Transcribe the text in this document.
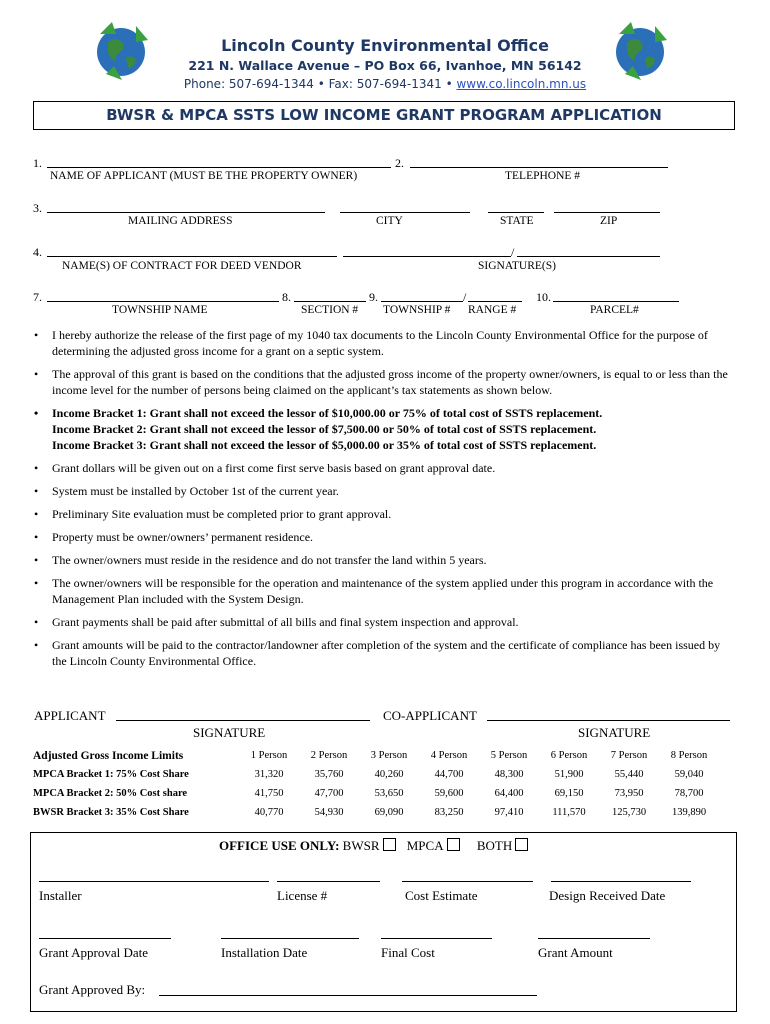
Lincoln County Environmental Office
221 N. Wallace Avenue – PO Box 66, Ivanhoe, MN 56142
Phone: 507-694-1344 • Fax: 507-694-1341 • www.co.lincoln.mn.us
BWSR & MPCA SSTS LOW INCOME GRANT PROGRAM APPLICATION
1.	2.
NAME OF APPLICANT (MUST BE THE PROPERTY OWNER)	TELEPHONE #
3.
MAILING ADDRESS	CITY	STATE	ZIP
4.	/
NAME(S) OF CONTRACT FOR DEED VENDOR	SIGNATURE(S)
7.	8.	9.	/	10.
TOWNSHIP NAME	SECTION # TOWNSHIP # RANGE #	PARCEL#
• I hereby authorize the release of the first page of my 1040 tax documents to the Lincoln County Environmental Office for the purpose of determining the adjusted gross income for a grant on a septic system.
• The approval of this grant is based on the conditions that the adjusted gross income of the property owner/owners, is equal to or less than the income level for the number of persons being claimed on the applicant’s tax statements as shown below.
• Income Bracket 1: Grant shall not exceed the lessor of $10,000.00 or 75% of total cost of SSTS replacement.
Income Bracket 2: Grant shall not exceed the lessor of $7,500.00 or 50% of total cost of SSTS replacement.
Income Bracket 3: Grant shall not exceed the lessor of $5,000.00 or 35% of total cost of SSTS replacement.
• Grant dollars will be given out on a first come first serve basis based on grant approval date.
• System must be installed by October 1st of the current year.
• Preliminary Site evaluation must be completed prior to grant approval.
• Property must be owner/owners’ permanent residence.
• The owner/owners must reside in the residence and do not transfer the land within 5 years.
• The owner/owners will be responsible for the operation and maintenance of the system applied under this program in accordance with the Management Plan included with the System Design.
• Grant payments shall be paid after submittal of all bills and final system inspection and approval.
• Grant amounts will be paid to the contractor/landowner after completion of the system and the certificate of compliance has been issued by the Lincoln County Environmental Office.
APPLICANT	CO-APPLICANT
SIGNATURE	SIGNATURE
Adjusted Gross Income Limits	1 Person	2 Person	3 Person	4 Person	5 Person	6 Person	7 Person	8 Person
MPCA Bracket 1: 75% Cost Share	31,320	35,760	40,260	44,700	48,300	51,900	55,440	59,040
MPCA Bracket 2: 50% Cost share	41,750	47,700	53,650	59,600	64,400	69,150	73,950	78,700
BWSR Bracket 3: 35% Cost Share	40,770	54,930	69,090	83,250	97,410	111,570	125,730	139,890
OFFICE USE ONLY: BWSR MPCA	BOTH
Installer	License #	Cost Estimate	Design Received Date
Grant Approval Date	Installation Date	Final Cost	Grant Amount
Grant Approved By:
